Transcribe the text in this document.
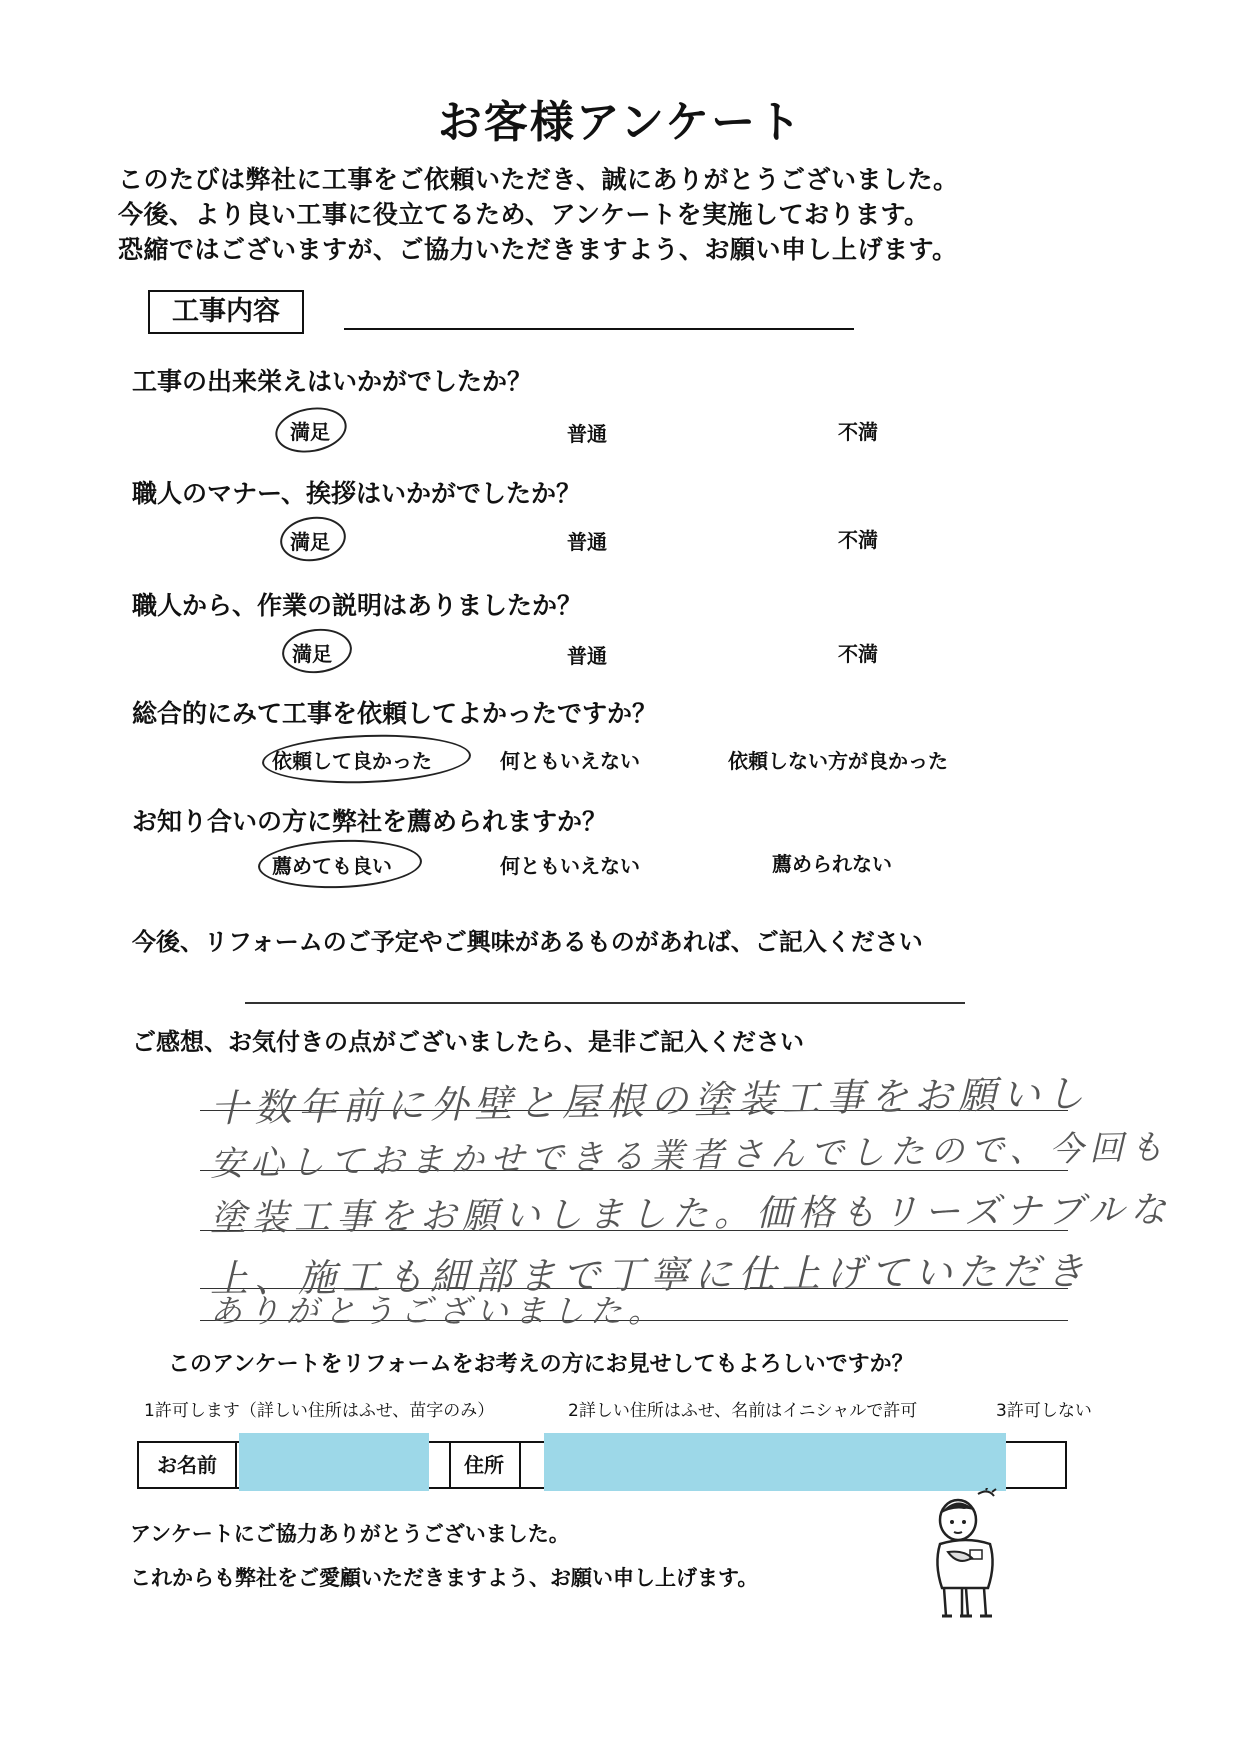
お客様アンケート
このたびは弊社に工事をご依頼いただき、誠にありがとうございました。
今後、より良い工事に役立てるため、アンケートを実施しております。
恐縮ではございますが、ご協力いただきますよう、お願い申し上げます。
工事内容
工事の出来栄えはいかがでしたか？
満足	普通	不満
職人のマナー、挨拶はいかがでしたか？
満足	普通	不満
職人から、作業の説明はありましたか？
満足	普通	不満
総合的にみて工事を依頼してよかったですか？
依頼して良かった	何ともいえない	依頼しない方が良かった
お知り合いの方に弊社を薦められますか？
薦めても良い	何ともいえない	薦められない
今後、リフォームのご予定やご興味があるものがあれば、ご記入ください
ご感想、お気付きの点がございましたら、是非ご記入ください
十数年前に外壁と屋根の塗装工事をお願いし
安心しておまかせできる業者さんでしたので、今回も
塗装工事をお願いしました。価格もリーズナブルな
上、施工も細部まで丁寧に仕上げていただき
ありがとうございました。
このアンケートをリフォームをお考えの方にお見せしてもよろしいですか？
1許可します（詳しい住所はふせ、苗字のみ）	2詳しい住所はふせ、名前はイニシャルで許可	3許可しない
お名前	住所
アンケートにご協力ありがとうございました。
これからも弊社をご愛顧いただきますよう、お願い申し上げます。
